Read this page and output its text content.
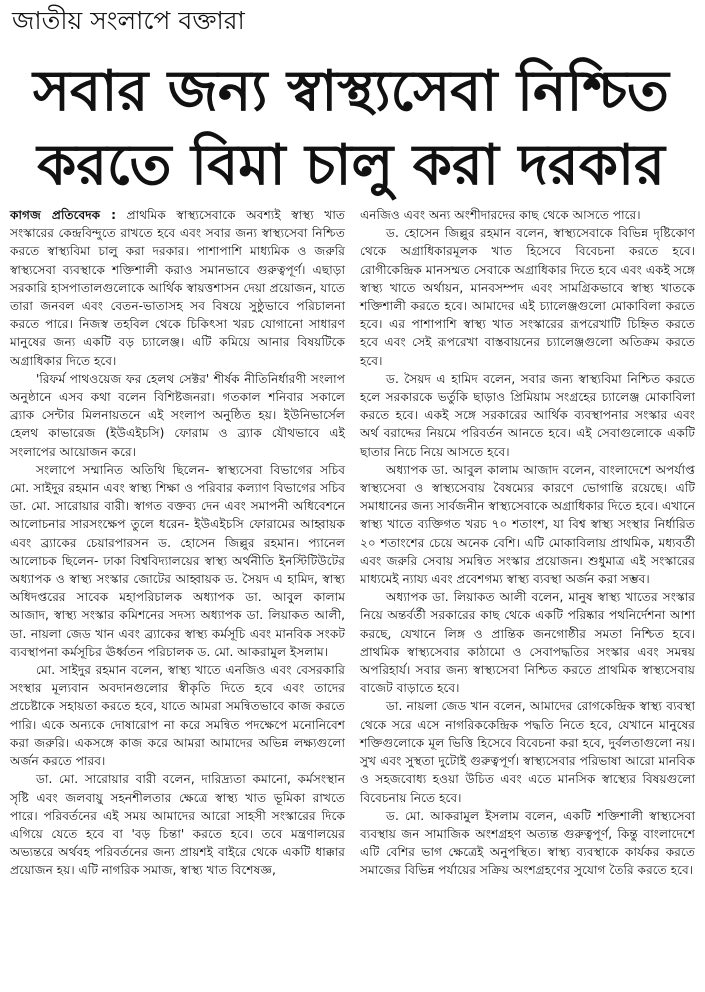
জাতীয় সংলাপে বক্তারা
সবার জন্য স্বাস্থ্যসেবা নিশ্চিত
করতে বিমা চালু করা দরকার

কাগজ প্রতিবেদক : প্রাথমিক স্বাস্থ্যসেবাকে অবশ্যই স্বাস্থ্য খাত সংস্কারের কেন্দ্রবিন্দুতে রাখতে হবে এবং সবার জন্য স্বাস্থ্যসেবা নিশ্চিত করতে স্বাস্থ্যবিমা চালু করা দরকার। পাশাপাশি মাধ্যমিক ও জরুরি স্বাস্থ্যসেবা ব্যবস্থাকে শক্তিশালী করাও সমানভাবে গুরুত্বপূর্ণ। এছাড়া সরকারি হাসপাতালগুলোকে আর্থিক স্বায়ত্তশাসন দেয়া প্রয়োজন, যাতে তারা জনবল এবং বেতন-ভাতাসহ সব বিষয়ে সুষ্ঠুভাবে পরিচালনা করতে পারে। নিজস্ব তহবিল থেকে চিকিৎসা খরচ যোগানো সাধারণ মানুষের জন্য একটি বড় চ্যালেঞ্জ। এটি কমিয়ে আনার বিষয়টিকে অগ্রাধিকার দিতে হবে।

'রিফর্ম পাথওয়েজ ফর হেলথ সেক্টর' শীর্ষক নীতিনির্ধারণী সংলাপ অনুষ্ঠানে এসব কথা বলেন বিশিষ্টজনরা। গতকাল শনিবার সকালে ব্র্যাক সেন্টার মিলনায়তনে এই সংলাপ অনুষ্ঠিত হয়। ইউনিভার্সেল হেলথ কাভারেজ (ইউএইচসি) ফোরাম ও ব্র্যাক যৌথভাবে এই সংলাপের আয়োজন করে।

সংলাপে সম্মানিত অতিথি ছিলেন- স্বাস্থ্যসেবা বিভাগের সচিব মো. সাইদুর রহমান এবং স্বাস্থ্য শিক্ষা ও পরিবার কল্যাণ বিভাগের সচিব ডা. মো. সারোয়ার বারী। স্বাগত বক্তব্য দেন এবং সমাপনী অধিবেশনে আলোচনার সারসংক্ষেপ তুলে ধরেন- ইউএইচসি ফোরামের আহ্বায়ক এবং ব্র্যাকের চেয়ারপারসন ড. হোসেন জিল্লুর রহমান। প্যানেল আলোচক ছিলেন- ঢাকা বিশ্ববিদ্যালয়ের স্বাস্থ্য অর্থনীতি ইনস্টিটিউটের অধ্যাপক ও স্বাস্থ্য সংস্কার জোটের আহ্বায়ক ড. সৈয়দ এ হামিদ, স্বাস্থ্য অধিদপ্তরের সাবেক মহাপরিচালক অধ্যাপক ডা. আবুল কালাম আজাদ, স্বাস্থ্য সংস্কার কমিশনের সদস্য অধ্যাপক ডা. লিয়াকত আলী, ডা. নায়লা জেড খান এবং ব্র্যাকের স্বাস্থ্য কর্মসূচি এবং মানবিক সংকট ব্যবস্থাপনা কর্মসূচির ঊর্ধ্বতন পরিচালক ড. মো. আকরামুল ইসলাম।

মো. সাইদুর রহমান বলেন, স্বাস্থ্য খাতে এনজিও এবং বেসরকারি সংস্থার মূল্যবান অবদানগুলোর স্বীকৃতি দিতে হবে এবং তাদের প্রচেষ্টাকে সহায়তা করতে হবে, যাতে আমরা সমন্বিতভাবে কাজ করতে পারি। একে অন্যকে দোষারোপ না করে সমন্বিত পদক্ষেপে মনোনিবেশ করা জরুরি। একসঙ্গে কাজ করে আমরা আমাদের অভিন্ন লক্ষ্যগুলো অর্জন করতে পারব।

ডা. মো. সারোয়ার বারী বলেন, দারিদ্র্যতা কমানো, কর্মসংস্থান সৃষ্টি এবং জলবায়ু সহনশীলতার ক্ষেত্রে স্বাস্থ্য খাত ভূমিকা রাখতে পারে। পরিবর্তনের এই সময় আমাদের আরো সাহসী সংস্কারের দিকে এগিয়ে যেতে হবে বা 'বড় চিন্তা' করতে হবে। তবে মন্ত্রণালয়ের অভ্যন্তরে অর্থবহ পরিবর্তনের জন্য প্রায়শই বাইরে থেকে একটি ধাক্কার প্রয়োজন হয়। এটি নাগরিক সমাজ, স্বাস্থ্য খাত বিশেষজ্ঞ,

এনজিও এবং অন্য অংশীদারদের কাছ থেকে আসতে পারে।

ড. হোসেন জিল্লুর রহমান বলেন, স্বাস্থ্যসেবাকে বিভিন্ন দৃষ্টিকোণ থেকে অগ্রাধিকারমূলক খাত হিসেবে বিবেচনা করতে হবে। রোগীকেন্দ্রিক মানসম্মত সেবাকে অগ্রাধিকার দিতে হবে এবং একই সঙ্গে স্বাস্থ্য খাতে অর্থায়ন, মানবসম্পদ এবং সামগ্রিকভাবে স্বাস্থ্য খাতকে শক্তিশালী করতে হবে। আমাদের এই চ্যালেঞ্জগুলো মোকাবিলা করতে হবে। এর পাশাপাশি স্বাস্থ্য খাত সংস্কারের রূপরেখাটি চিহ্নিত করতে হবে এবং সেই রূপরেখা বাস্তবায়নের চ্যালেঞ্জগুলো অতিক্রম করতে হবে।

ড. সৈয়দ এ হামিদ বলেন, সবার জন্য স্বাস্থ্যবিমা নিশ্চিত করতে হলে সরকারকে ভর্তুকি ছাড়াও প্রিমিয়াম সংগ্রহের চ্যালেঞ্জ মোকাবিলা করতে হবে। একই সঙ্গে সরকারের আর্থিক ব্যবস্থাপনার সংস্কার এবং অর্থ বরাদ্দের নিয়মে পরিবর্তন আনতে হবে। এই সেবাগুলোকে একটি ছাতার নিচে নিয়ে আসতে হবে।

অধ্যাপক ডা. আবুল কালাম আজাদ বলেন, বাংলাদেশে অপর্যাপ্ত স্বাস্থ্যসেবা ও স্বাস্থ্যসেবায় বৈষম্যের কারণে ভোগান্তি রয়েছে। এটি সমাধানের জন্য সার্বজনীন স্বাস্থ্যসেবাকে অগ্রাধিকার দিতে হবে। এখানে স্বাস্থ্য খাতে ব্যক্তিগত খরচ ৭০ শতাংশ, যা বিশ্ব স্বাস্থ্য সংস্থার নির্ধারিত ২০ শতাংশের চেয়ে অনেক বেশি। এটি মোকাবিলায় প্রাথমিক, মধ্যবর্তী এবং জরুরি সেবায় সমন্বিত সংস্কার প্রয়োজন। শুধুমাত্র এই সংস্কারের মাধ্যমেই ন্যায্য এবং প্রবেশগম্য স্বাস্থ্য ব্যবস্থা অর্জন করা সম্ভব।

অধ্যাপক ডা. লিয়াকত আলী বলেন, মানুষ স্বাস্থ্য খাতের সংস্কার নিয়ে অন্তর্বর্তী সরকারের কাছ থেকে একটি পরিষ্কার পথনির্দেশনা আশা করছে, যেখানে লিঙ্গ ও প্রান্তিক জনগোষ্ঠীর সমতা নিশ্চিত হবে। প্রাথমিক স্বাস্থ্যসেবার কাঠামো ও সেবাপদ্ধতির সংস্কার এবং সমন্বয় অপরিহার্য। সবার জন্য স্বাস্থ্যসেবা নিশ্চিত করতে প্রাথমিক স্বাস্থ্যসেবায় বাজেট বাড়াতে হবে।

ডা. নায়লা জেড খান বলেন, আমাদের রোগকেন্দ্রিক স্বাস্থ্য ব্যবস্থা থেকে সরে এসে নাগরিককেন্দ্রিক পদ্ধতি নিতে হবে, যেখানে মানুষের শক্তিগুলোকে মূল ভিত্তি হিসেবে বিবেচনা করা হবে, দুর্বলতাগুলো নয়। সুখ এবং সুস্থতা দুটোই গুরুত্বপূর্ণ। স্বাস্থ্যসেবার পরিভাষা আরো মানবিক ও সহজবোধ্য হওয়া উচিত এবং এতে মানসিক স্বাস্থ্যের বিষয়গুলো বিবেচনায় নিতে হবে।

ড. মো. আকরামুল ইসলাম বলেন, একটি শক্তিশালী স্বাস্থ্যসেবা ব্যবস্থায় জন সামাজিক অংশগ্রহণ অত্যন্ত গুরুত্বপূর্ণ, কিন্তু বাংলাদেশে এটি বেশির ভাগ ক্ষেত্রেই অনুপস্থিত। স্বাস্থ্য ব্যবস্থাকে কার্যকর করতে সমাজের বিভিন্ন পর্যায়ের সক্রিয় অংশগ্রহণের সুযোগ তৈরি করতে হবে।
